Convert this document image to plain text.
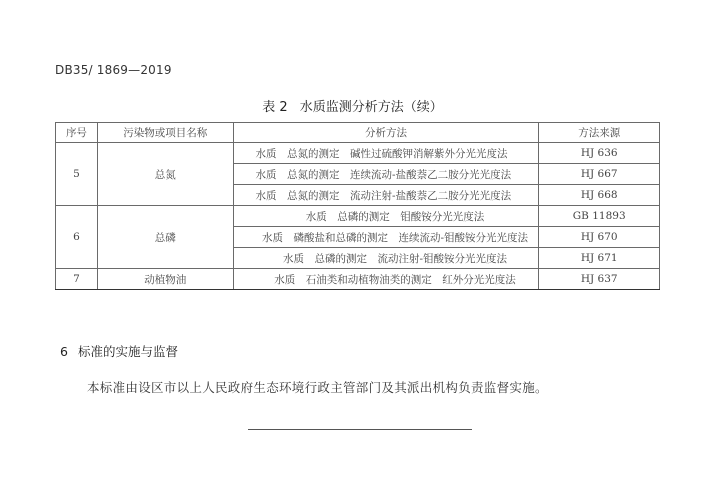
DB35/ 1869—2019
表 2 水质监测分析方法（续）
序号	污染物或项目名称	分析方法	方法来源
5	总氮	水质　总氮的测定　碱性过硫酸钾消解紫外分光光度法	HJ 636
		水质　总氮的测定　连续流动-盐酸萘乙二胺分光光度法	HJ 667
		水质　总氮的测定　流动注射-盐酸萘乙二胺分光光度法	HJ 668
6	总磷	水质　总磷的测定　钼酸铵分光光度法	GB 11893
		水质　磷酸盐和总磷的测定　连续流动-钼酸铵分光光度法	HJ 670
		水质　总磷的测定　流动注射-钼酸铵分光光度法	HJ 671
7	动植物油	水质　石油类和动植物油类的测定　红外分光光度法	HJ 637
6 标准的实施与监督
本标准由设区市以上人民政府生态环境行政主管部门及其派出机构负责监督实施。
